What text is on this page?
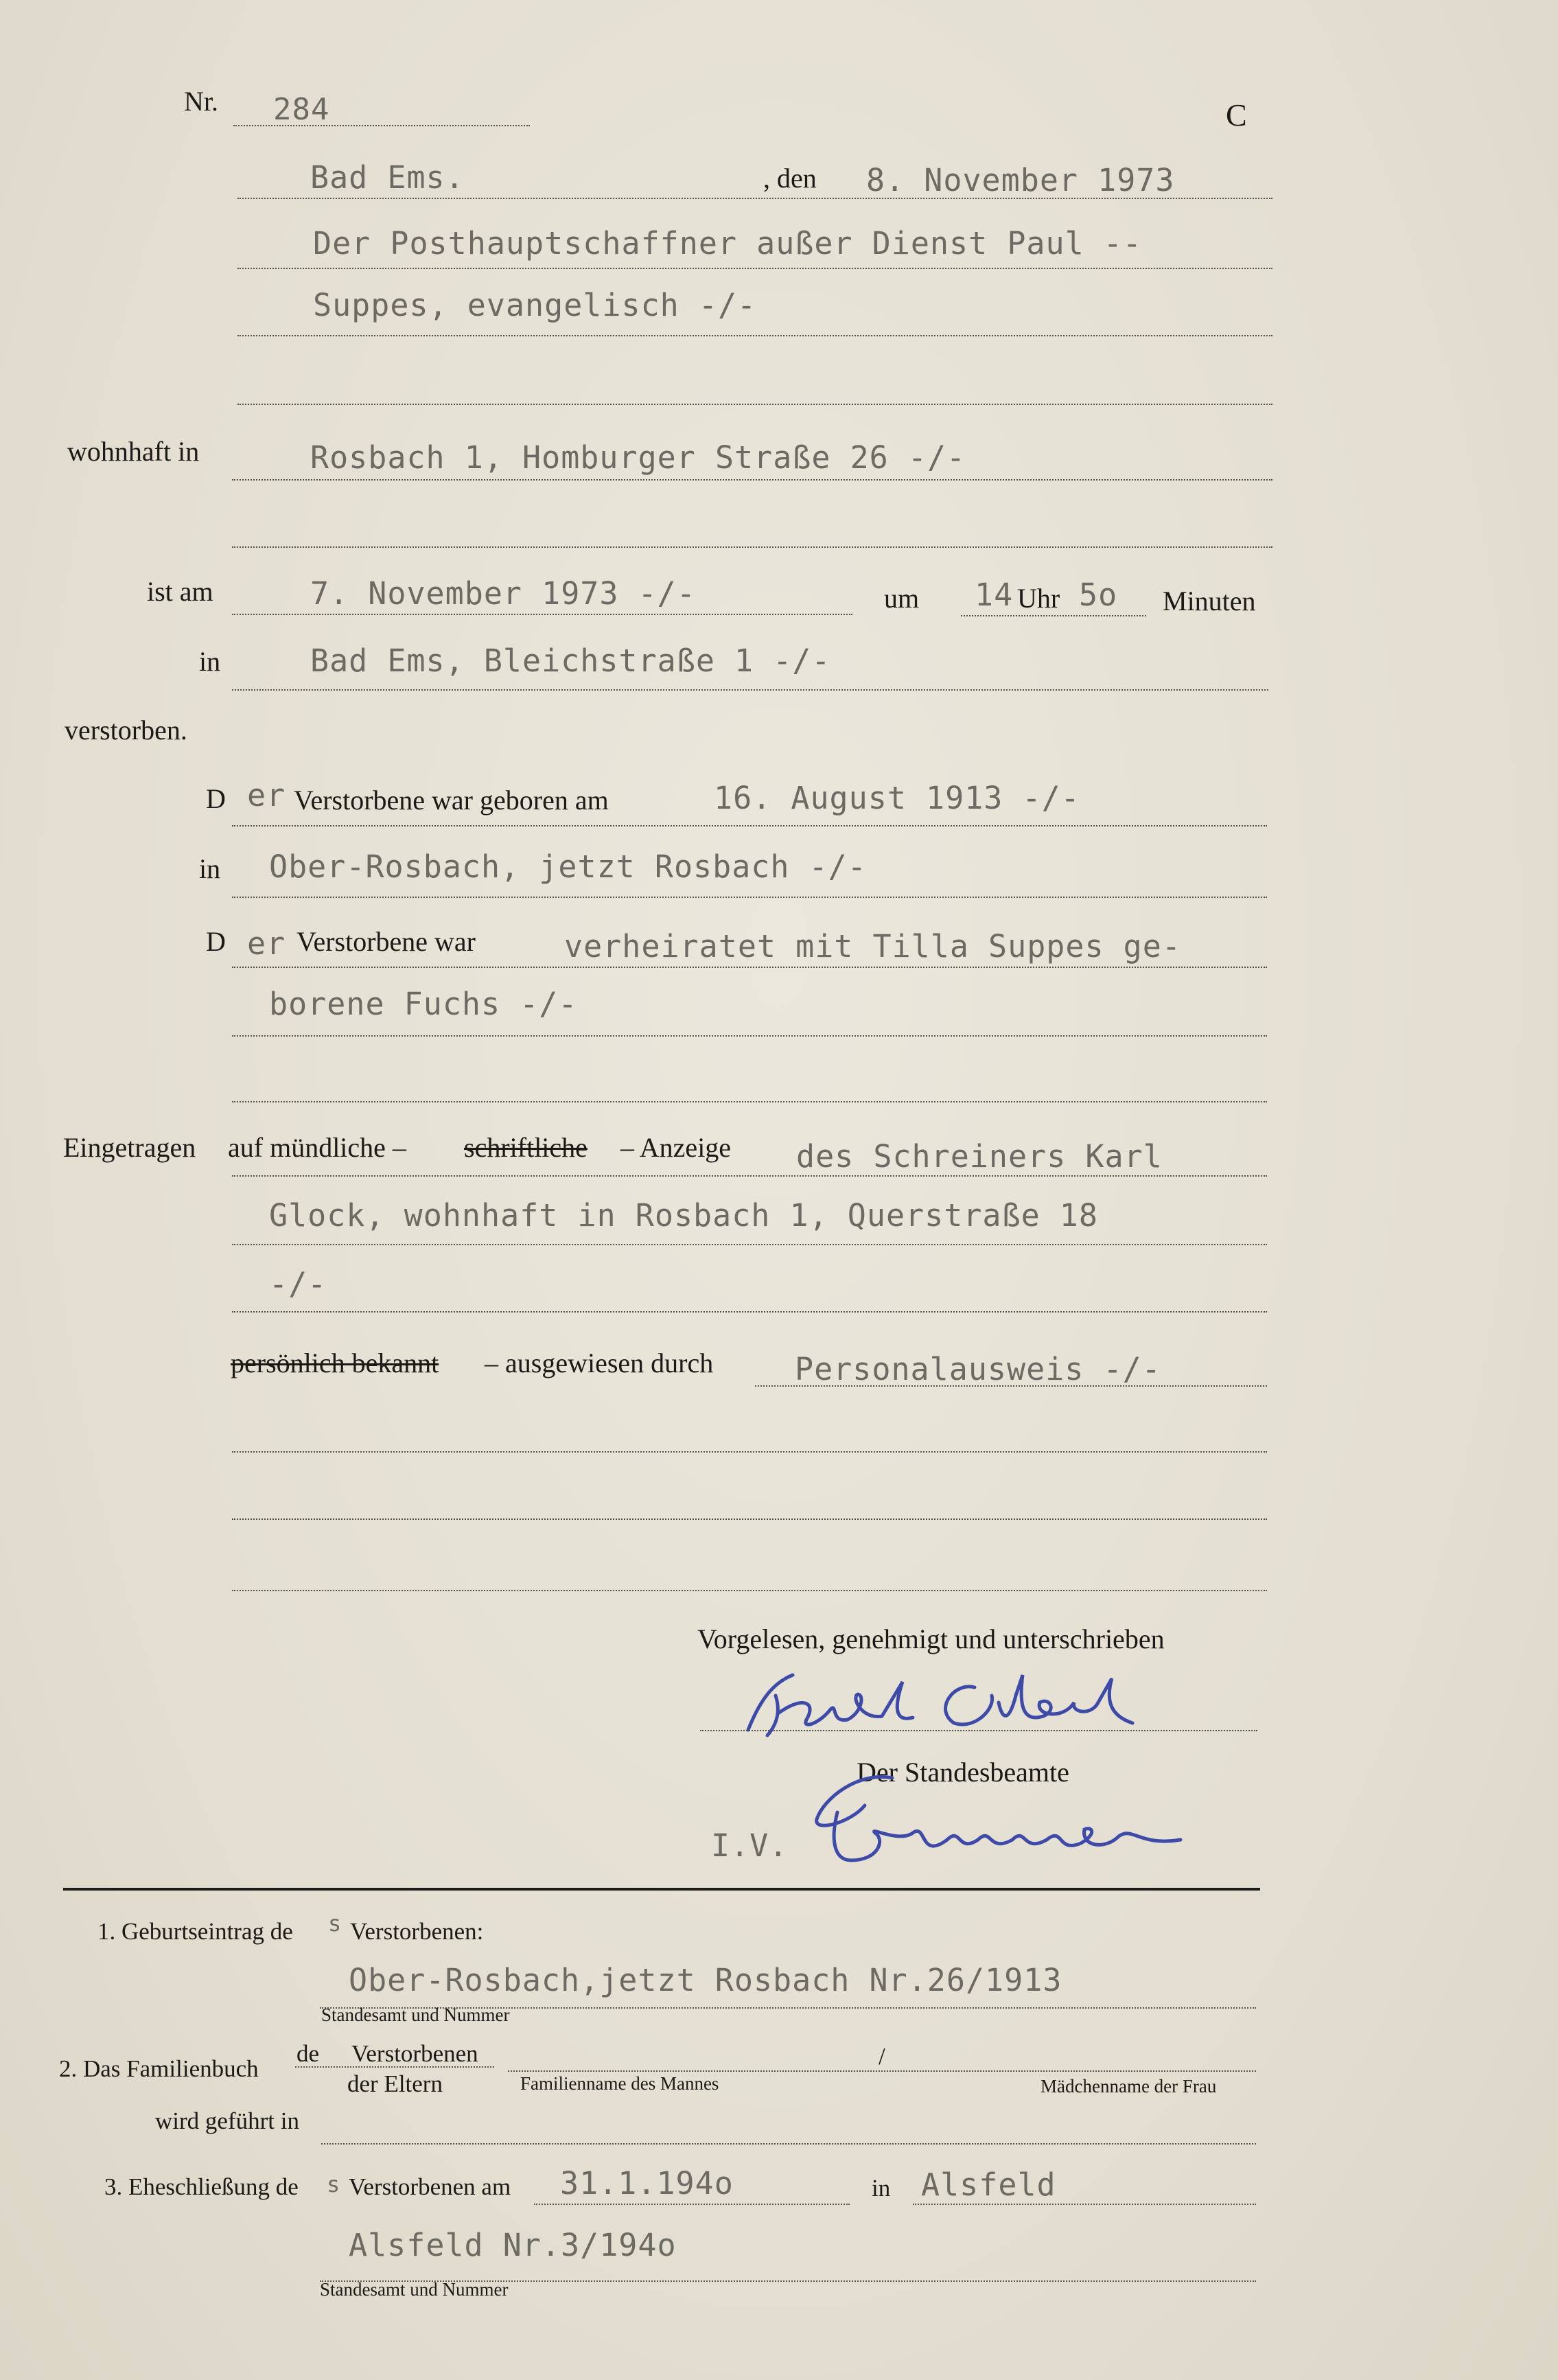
Nr. 284	C
Bad Ems.	, den 8. November 1973
Der Posthauptschaffner außer Dienst Paul --
Suppes, evangelisch -/-
wohnhaft in	Rosbach 1, Homburger Straße 26 -/-
ist am	7. November 1973 -/-	um 14 Uhr 5o Minuten
in	Bad Ems, Bleichstraße 1 -/-
verstorben.
D er Verstorbene war geboren am	16. August 1913 -/-
in Ober-Rosbach, jetzt Rosbach -/-
D er Verstorbene war	verheiratet mit Tilla Suppes ge-
borene Fuchs -/-
Eingetragen auf mündliche – schriftliche – Anzeige des Schreiners Karl
Glock, wohnhaft in Rosbach 1, Querstraße 18
-/-
persönlich bekannt – ausgewiesen durch	Personalausweis -/-
Vorgelesen, genehmigt und unterschrieben
Der Standesbeamte
I.V.
1. Geburtseintrag de s Verstorbenen:
Ober-Rosbach,jetzt Rosbach Nr.26/1913
Standesamt und Nummer
2. Das Familienbuch
de Verstorbenen
der Eltern
/
Familienname des Mannes	Mädchenname der Frau
wird geführt in
3. Eheschließung de s Verstorbenen am 31.1.194o	in Alsfeld
Alsfeld Nr.3/194o
Standesamt und Nummer
